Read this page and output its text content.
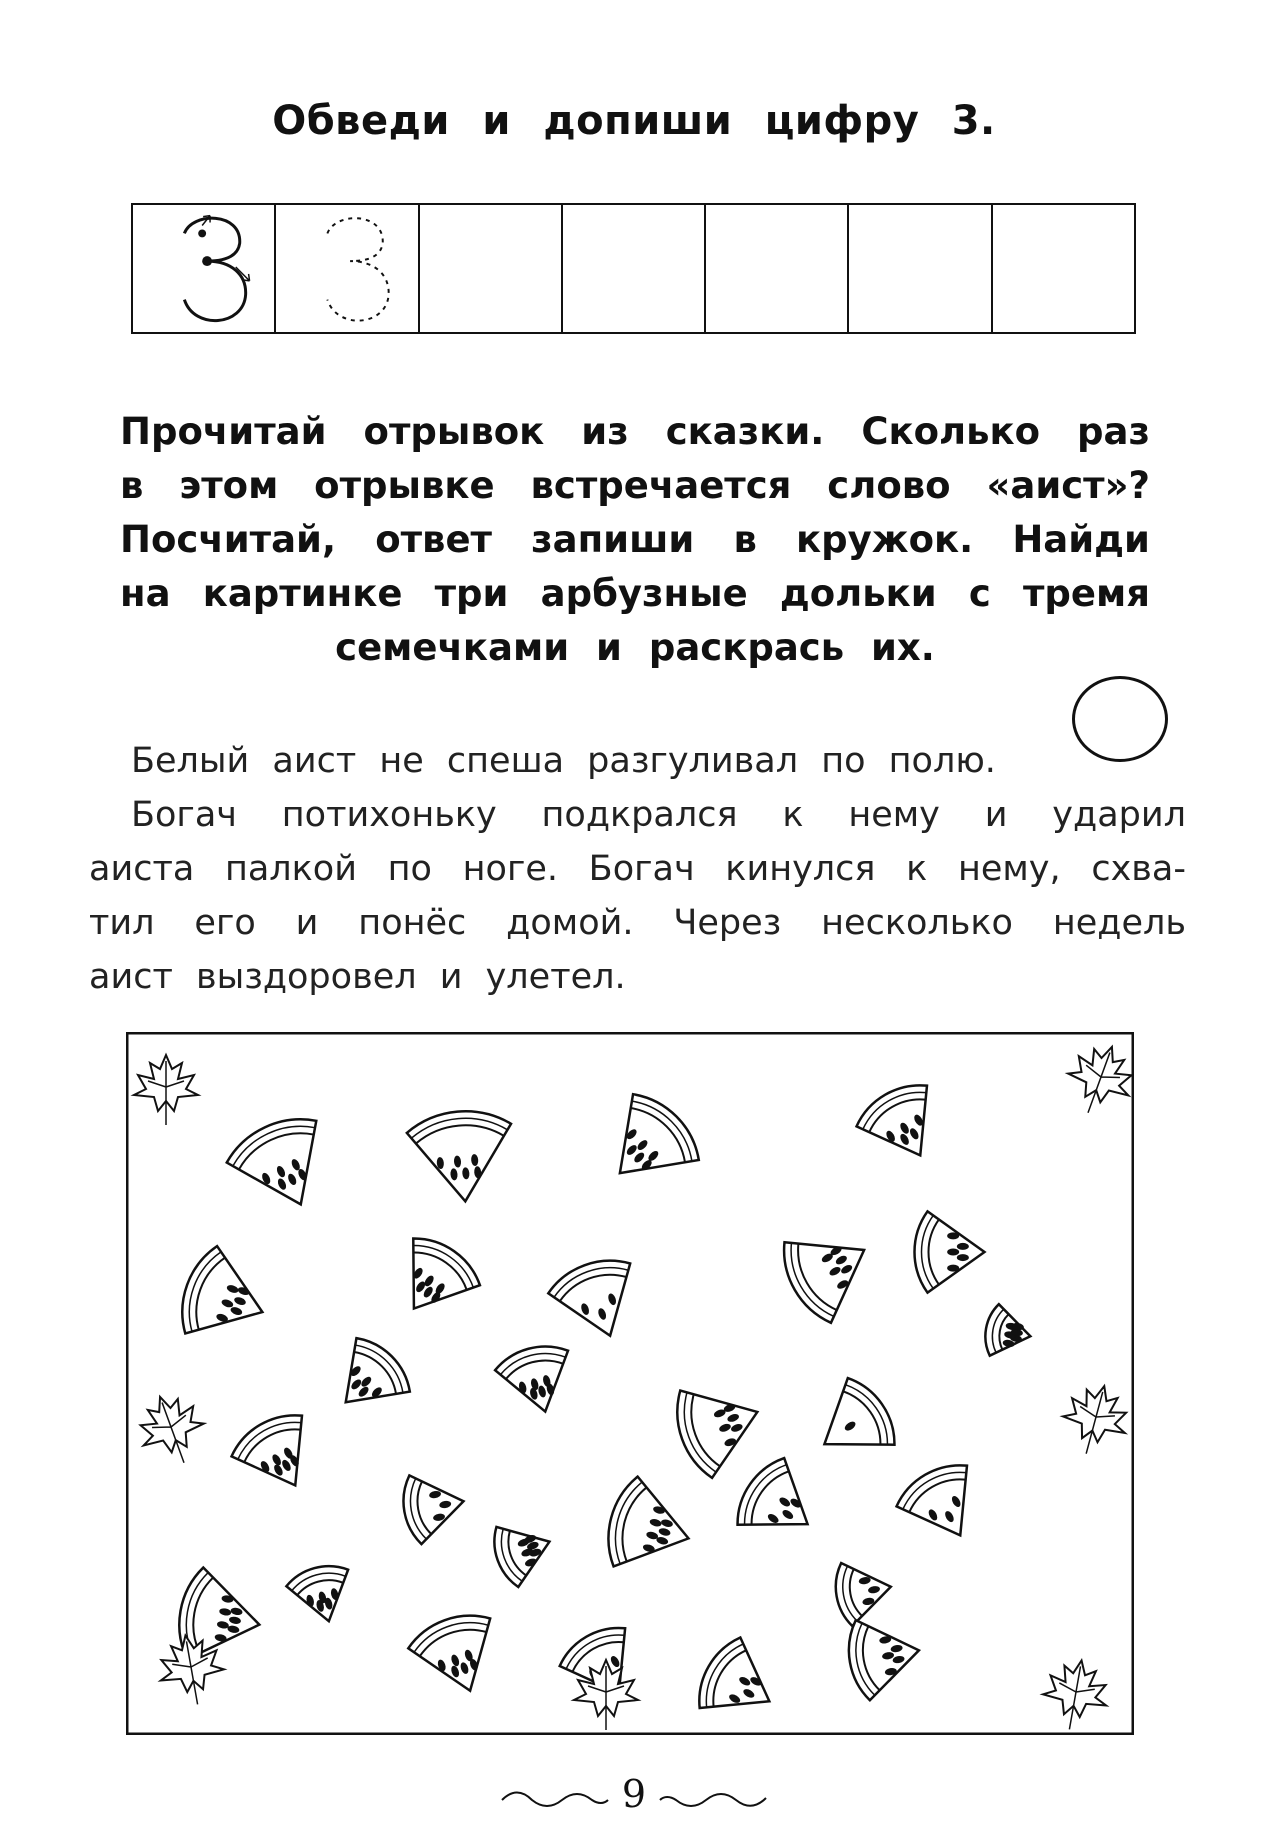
Обведи и допиши цифру 3.
Прочитай отрывок из сказки. Сколько раз
в этом отрывке встречается слово «аист»?
Посчитай, ответ запиши в кружок. Найди
на картинке три арбузные дольки с тремя
семечками и раскрась их.
Белый аист не спеша разгуливал по полю.
Богач потихоньку подкрался к нему и ударил
аиста палкой по ноге. Богач кинулся к нему, схва-
тил его и понёс домой. Через несколько недель
аист выздоровел и улетел.
9
